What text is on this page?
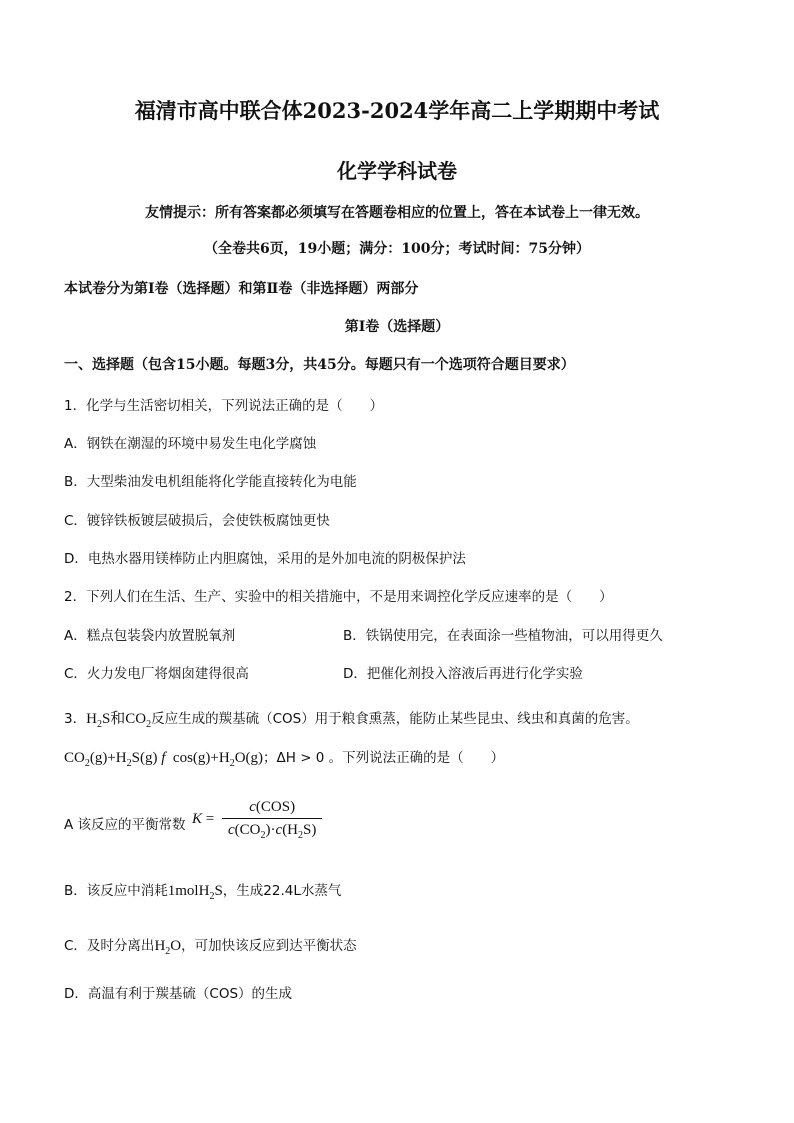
福清市高中联合体2023-2024学年高二上学期期中考试
化学学科试卷
友情提示：所有答案都必须填写在答题卷相应的位置上，答在本试卷上一律无效。
（全卷共6页，19小题；满分：100分；考试时间：75分钟）
本试卷分为第Ⅰ卷（选择题）和第Ⅱ卷（非选择题）两部分
第Ⅰ卷（选择题）
一、选择题（包含15小题。每题3分，共45分。每题只有一个选项符合题目要求）
1．化学与生活密切相关，下列说法正确的是（　　）
A．钢铁在潮湿的环境中易发生电化学腐蚀
B．大型柴油发电机组能将化学能直接转化为电能
C．镀锌铁板镀层破损后，会使铁板腐蚀更快
D．电热水器用镁棒防止内胆腐蚀，采用的是外加电流的阴极保护法
2．下列人们在生活、生产、实验中的相关措施中，不是用来调控化学反应速率的是（　　）
A．糕点包装袋内放置脱氧剂	B．铁锅使用完，在表面涂一些植物油，可以用得更久
C．火力发电厂将烟囱建得很高	D．把催化剂投入溶液后再进行化学实验
3．$H_2S$和$CO_2$反应生成的羰基硫（COS）用于粮食熏蒸，能防止某些昆虫、线虫和真菌的危害。
$CO_2(g)+H_2S(g)$ f  $\cos(g)+H_2O(g)$；ΔH > 0 。下列说法正确的是（　　）
A 该反应的平衡常数 K =
c(COS)
$c(CO_2)\cdot c(H_2S)$
B．该反应中消耗1molH$_2$S，生成22.4L水蒸气
C．及时分离出$H_2O$，可加快该反应到达平衡状态
D．高温有利于羰基硫（COS）的生成
